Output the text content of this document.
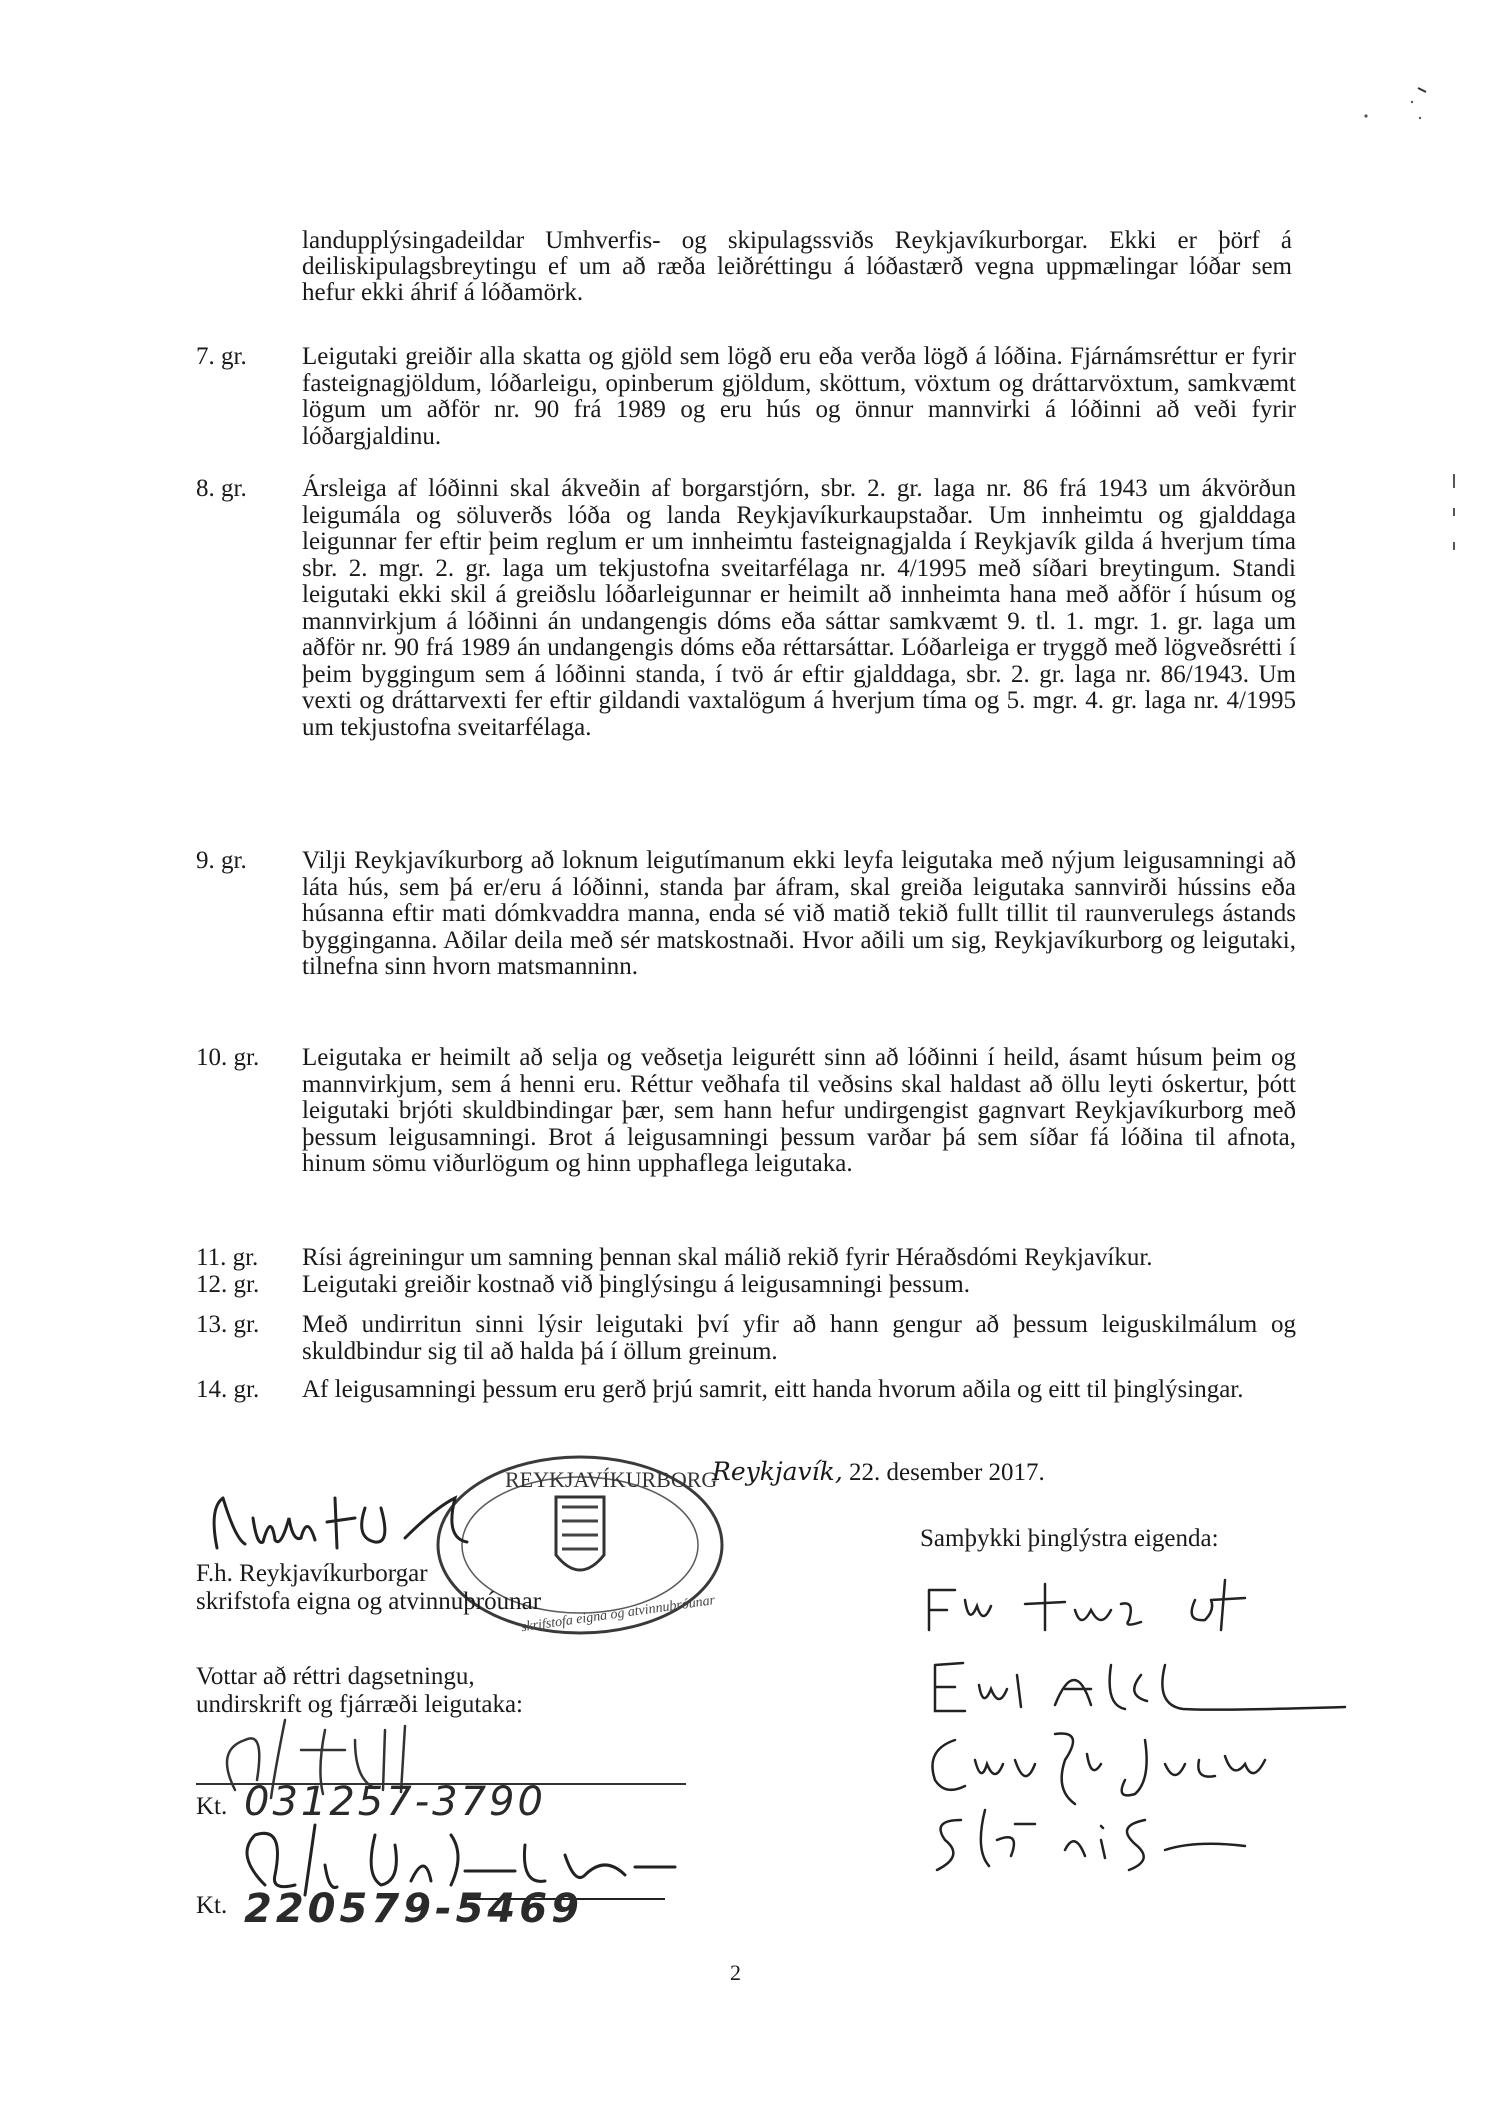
landupplýsingadeildar Umhverfis- og skipulagssviðs Reykjavíkurborgar. Ekki er þörf á deiliskipulagsbreytingu ef um að ræða leiðréttingu á lóðastærð vegna uppmælingar lóðar sem hefur ekki áhrif á lóðamörk.

7. gr.	Leigutaki greiðir alla skatta og gjöld sem lögð eru eða verða lögð á lóðina. Fjárnámsréttur er fyrir fasteignagjöldum, lóðarleigu, opinberum gjöldum, sköttum, vöxtum og dráttarvöxtum, samkvæmt lögum um aðför nr. 90 frá 1989 og eru hús og önnur mannvirki á lóðinni að veði fyrir lóðargjaldinu.

8. gr.	Ársleiga af lóðinni skal ákveðin af borgarstjórn, sbr. 2. gr. laga nr. 86 frá 1943 um ákvörðun leigumála og söluverðs lóða og landa Reykjavíkurkaupstaðar. Um innheimtu og gjalddaga leigunnar fer eftir þeim reglum er um innheimtu fasteignagjalda í Reykjavík gilda á hverjum tíma sbr. 2. mgr. 2. gr. laga um tekjustofna sveitarfélaga nr. 4/1995 með síðari breytingum. Standi leigutaki ekki skil á greiðslu lóðarleigunnar er heimilt að innheimta hana með aðför í húsum og mannvirkjum á lóðinni án undangengis dóms eða sáttar samkvæmt 9. tl. 1. mgr. 1. gr. laga um aðför nr. 90 frá 1989 án undangengis dóms eða réttarsáttar. Lóðarleiga er tryggð með lögveðsrétti í þeim byggingum sem á lóðinni standa, í tvö ár eftir gjalddaga, sbr. 2. gr. laga nr. 86/1943. Um vexti og dráttarvexti fer eftir gildandi vaxtalögum á hverjum tíma og 5. mgr. 4. gr. laga nr. 4/1995 um tekjustofna sveitarfélaga.

9. gr.	Vilji Reykjavíkurborg að loknum leigutímanum ekki leyfa leigutaka með nýjum leigusamningi að láta hús, sem þá er/eru á lóðinni, standa þar áfram, skal greiða leigutaka sannvirði hússins eða húsanna eftir mati dómkvaddra manna, enda sé við matið tekið fullt tillit til raunverulegs ástands bygginganna. Aðilar deila með sér matskostnaði. Hvor aðili um sig, Reykjavíkurborg og leigutaki, tilnefna sinn hvorn matsmanninn.

10. gr.	Leigutaka er heimilt að selja og veðsetja leigurétt sinn að lóðinni í heild, ásamt húsum þeim og mannvirkjum, sem á henni eru. Réttur veðhafa til veðsins skal haldast að öllu leyti óskertur, þótt leigutaki brjóti skuldbindingar þær, sem hann hefur undirgengist gagnvart Reykjavíkurborg með þessum leigusamningi. Brot á leigusamningi þessum varðar þá sem síðar fá lóðina til afnota, hinum sömu viðurlögum og hinn upphaflega leigutaka.

11. gr.	Rísi ágreiningur um samning þennan skal málið rekið fyrir Héraðsdómi Reykjavíkur.

12. gr.	Leigutaki greiðir kostnað við þinglýsingu á leigusamningi þessum.

13. gr.	Með undirritun sinni lýsir leigutaki því yfir að hann gengur að þessum leiguskilmálum og skuldbindur sig til að halda þá í öllum greinum.

14. gr.	Af leigusamningi þessum eru gerð þrjú samrit, eitt handa hvorum aðila og eitt til þinglýsingar.

Reykjavík, 22. desember 2017.
REYKJAVÍKURBORG
skrifstofa eigna og atvinnuþróunar
F.h. Reykjavíkurborgar
skrifstofa eigna og atvinnuþróunar
Vottar að réttri dagsetningu,
undirskrift og fjárræði leigutaka:
Kt. 031257-3790
Kt. 220579-5469
Samþykki þinglýstra eigenda:
2
